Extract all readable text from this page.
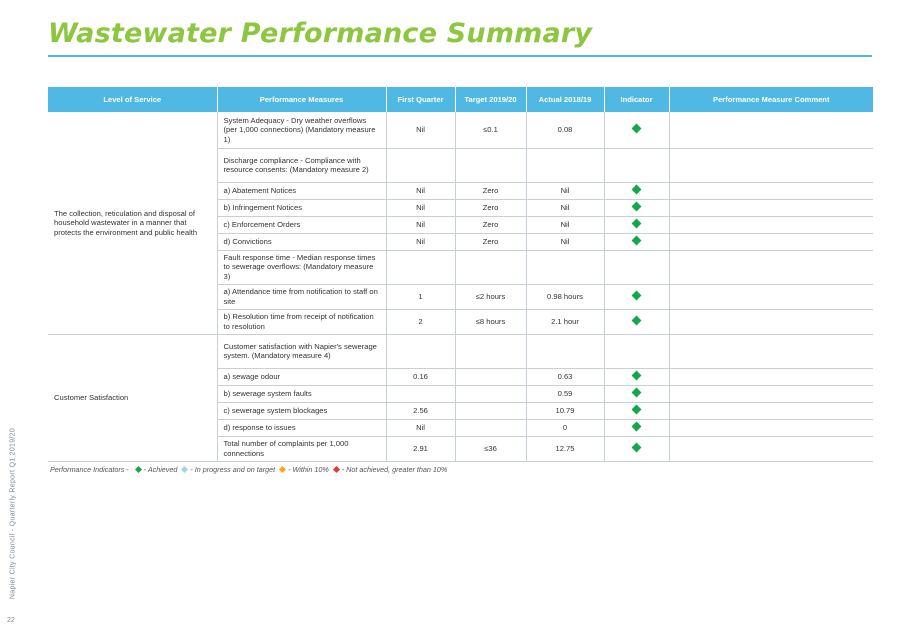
Wastewater Performance Summary
Napier City Council - Quarterly Report Q1 2019/20
22
Level of Service	Performance Measures	First Quarter	Target 2019/20	Actual 2018/19	Indicator	Performance Measure Comment
The collection, reticulation and disposal of household wastewater in a manner that protects the environment and public health	System Adequacy - Dry weather overflows (per 1,000 connections) (Mandatory measure 1)	Nil	≤0.1	0.08		
	Discharge compliance - Compliance with resource consents: (Mandatory measure 2)					
	a) Abatement Notices	Nil	Zero	Nil		
	b) Infringement Notices	Nil	Zero	Nil		
	c) Enforcement Orders	Nil	Zero	Nil		
	d) Convictions	Nil	Zero	Nil		
	Fault response time - Median response times to sewerage overflows: (Mandatory measure 3)					
	a) Attendance time from notification to staff on site	1	≤2 hours	0.98 hours		
	b) Resolution time from receipt of notification to resolution	2	≤8 hours	2.1 hour		
Customer Satisfaction	Customer satisfaction with Napier's sewerage system. (Mandatory measure 4)					
	a) sewage odour	0.16		0.63		
	b) sewerage system faults			0.59		
	c) sewerage system blockages	2.56		10.79		
	d) response to issues	Nil		0		
	Total number of complaints per 1,000 connections	2.91	≤36	12.75		
Performance Indicators - - Achieved - In progress and on target - Within 10% - Not achieved, greater than 10%
